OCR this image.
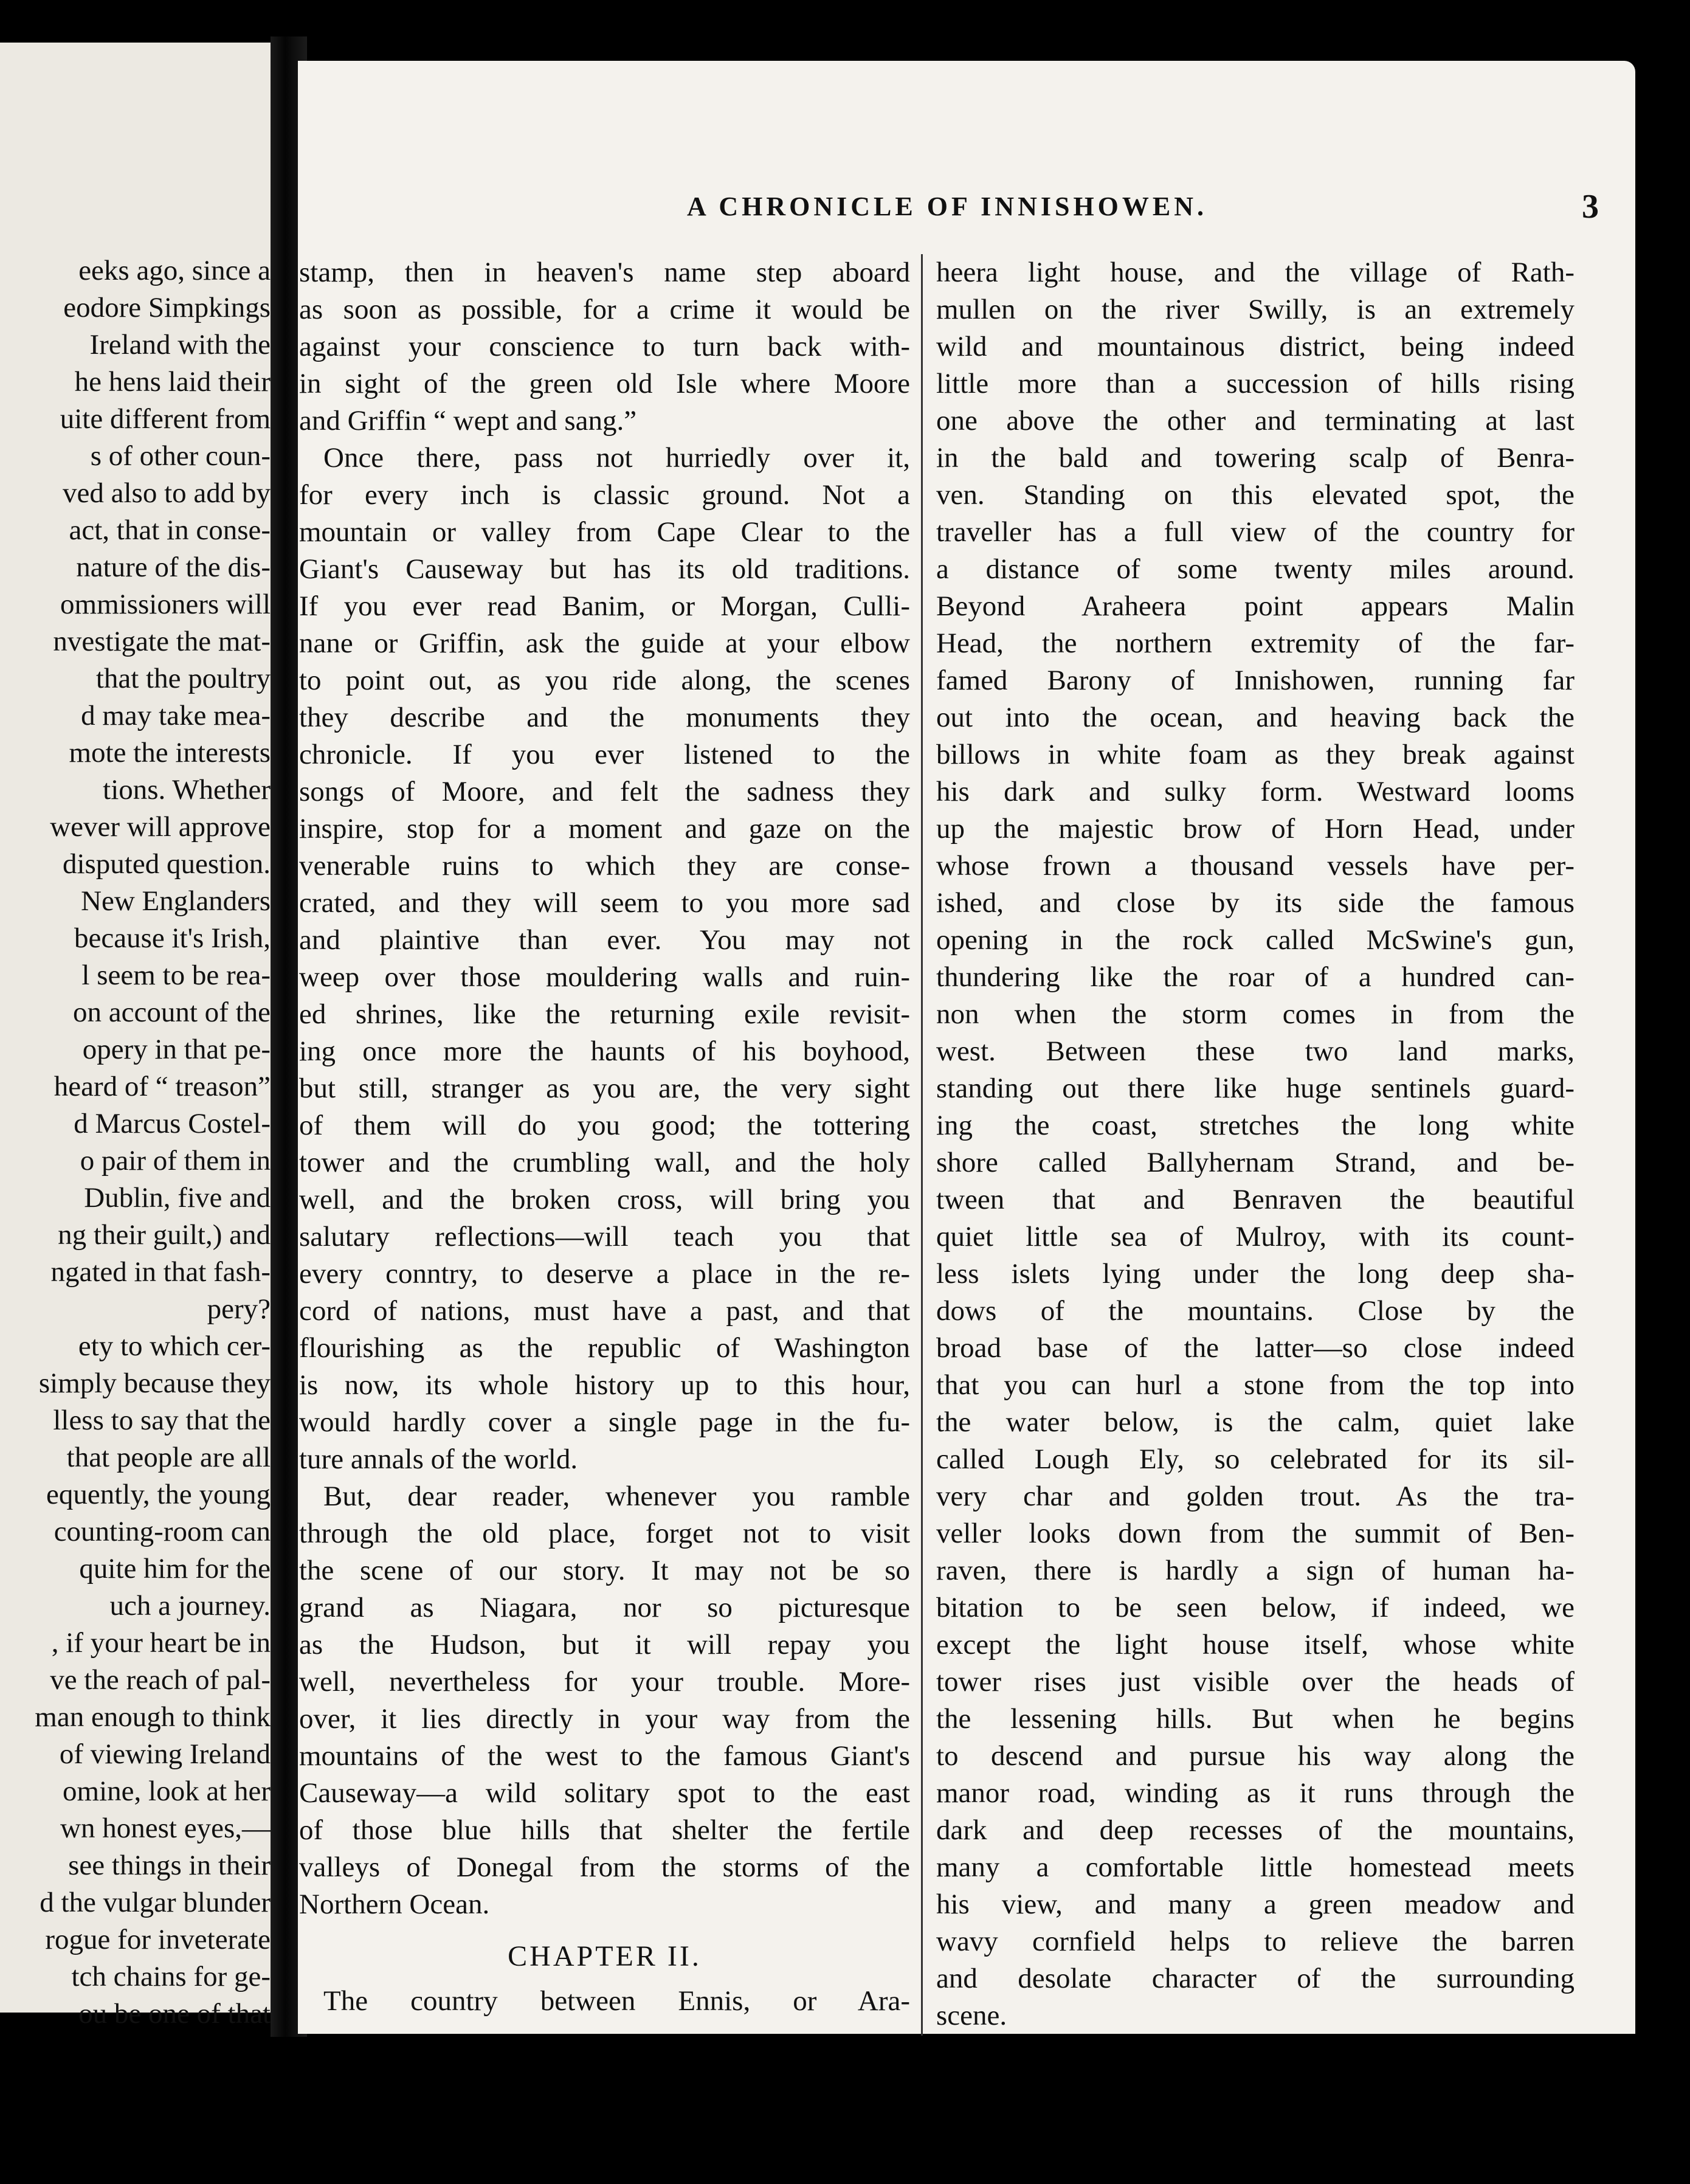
eeks ago, since a
eodore Simpkings
Ireland with the
he hens laid their
uite different from
s of other coun-
ved also to add by
act, that in conse-
nature of the dis-
ommissioners will
nvestigate the mat-
that the poultry
d may take mea-
mote the interests
tions. Whether
wever will approve
disputed question.
New Englanders
because it's Irish,
l seem to be rea-
on account of the
opery in that pe-
heard of “ treason”
d Marcus Costel-
o pair of them in
Dublin, five and
ng their guilt,) and
ngated in that fash-
pery?
ety to which cer-
simply because they
lless to say that the
that people are all
equently, the young
counting-room can
quite him for the
uch a journey.
, if your heart be in
ve the reach of pal-
man enough to think
of viewing Ireland
omine, look at her
wn honest eyes,—
see things in their
d the vulgar blunder
rogue for inveterate
tch chains for ge-
ou be one of that
A CHRONICLE OF INNISHOWEN.	3
stamp, then in heaven's name step aboard
as soon as possible, for a crime it would be
against your conscience to turn back with-
in sight of the green old Isle where Moore
and Griffin “ wept and sang.”
Once there, pass not hurriedly over it,
for every inch is classic ground. Not a
mountain or valley from Cape Clear to the
Giant's Causeway but has its old traditions.
If you ever read Banim, or Morgan, Culli-
nane or Griffin, ask the guide at your elbow
to point out, as you ride along, the scenes
they describe and the monuments they
chronicle. If you ever listened to the
songs of Moore, and felt the sadness they
inspire, stop for a moment and gaze on the
venerable ruins to which they are conse-
crated, and they will seem to you more sad
and plaintive than ever. You may not
weep over those mouldering walls and ruin-
ed shrines, like the returning exile revisit-
ing once more the haunts of his boyhood,
but still, stranger as you are, the very sight
of them will do you good; the tottering
tower and the crumbling wall, and the holy
well, and the broken cross, will bring you
salutary reflections—will teach you that
every conntry, to deserve a place in the re-
cord of nations, must have a past, and that
flourishing as the republic of Washington
is now, its whole history up to this hour,
would hardly cover a single page in the fu-
ture annals of the world.
But, dear reader, whenever you ramble
through the old place, forget not to visit
the scene of our story. It may not be so
grand as Niagara, nor so picturesque
as the Hudson, but it will repay you
well, nevertheless for your trouble. More-
over, it lies directly in your way from the
mountains of the west to the famous Giant's
Causeway—a wild solitary spot to the east
of those blue hills that shelter the fertile
valleys of Donegal from the storms of the
Northern Ocean.
CHAPTER II.
The country between Ennis, or Ara-
heera light house, and the village of Rath-
mullen on the river Swilly, is an extremely
wild and mountainous district, being indeed
little more than a succession of hills rising
one above the other and terminating at last
in the bald and towering scalp of Benra-
ven. Standing on this elevated spot, the
traveller has a full view of the country for
a distance of some twenty miles around.
Beyond Araheera point appears Malin
Head, the northern extremity of the far-
famed Barony of Innishowen, running far
out into the ocean, and heaving back the
billows in white foam as they break against
his dark and sulky form. Westward looms
up the majestic brow of Horn Head, under
whose frown a thousand vessels have per-
ished, and close by its side the famous
opening in the rock called McSwine's gun,
thundering like the roar of a hundred can-
non when the storm comes in from the
west. Between these two land marks,
standing out there like huge sentinels guard-
ing the coast, stretches the long white
shore called Ballyhernam Strand, and be-
tween that and Benraven the beautiful
quiet little sea of Mulroy, with its count-
less islets lying under the long deep sha-
dows of the mountains. Close by the
broad base of the latter—so close indeed
that you can hurl a stone from the top into
the water below, is the calm, quiet lake
called Lough Ely, so celebrated for its sil-
very char and golden trout. As the tra-
veller looks down from the summit of Ben-
raven, there is hardly a sign of human ha-
bitation to be seen below, if indeed, we
except the light house itself, whose white
tower rises just visible over the heads of
the lessening hills. But when he begins
to descend and pursue his way along the
manor road, winding as it runs through the
dark and deep recesses of the mountains,
many a comfortable little homestead meets
his view, and many a green meadow and
wavy cornfield helps to relieve the barren
and desolate character of the surrounding
scene.
